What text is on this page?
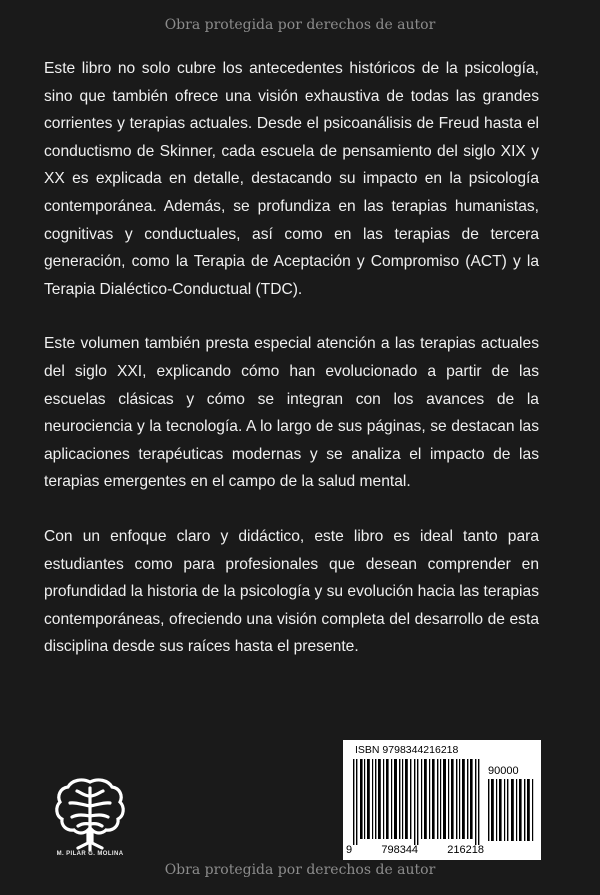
Obra protegida por derechos de autor

Este libro no solo cubre los antecedentes históricos de la psicología, sino que también ofrece una visión exhaustiva de todas las grandes corrientes y terapias actuales. Desde el psicoanálisis de Freud hasta el conductismo de Skinner, cada escuela de pensamiento del siglo XIX y XX es explicada en detalle, destacando su impacto en la psicología contemporánea. Además, se profundiza en las terapias humanistas, cognitivas y conductuales, así como en las terapias de tercera generación, como la Terapia de Aceptación y Compromiso (ACT) y la Terapia Dialéctico-Conductual (TDC).

Este volumen también presta especial atención a las terapias actuales del siglo XXI, explicando cómo han evolucionado a partir de las escuelas clásicas y cómo se integran con los avances de la neurociencia y la tecnología. A lo largo de sus páginas, se destacan las aplicaciones terapéuticas modernas y se analiza el impacto de las terapias emergentes en el campo de la salud mental.

Con un enfoque claro y didáctico, este libro es ideal tanto para estudiantes como para profesionales que desean comprender en profundidad la historia de la psicología y su evolución hacia las terapias contemporáneas, ofreciendo una visión completa del desarrollo de esta disciplina desde sus raíces hasta el presente.

M. PILAR G. MOLINA
ISBN 9798344216218
90000
9	798344	216218
Obra protegida por derechos de autor
